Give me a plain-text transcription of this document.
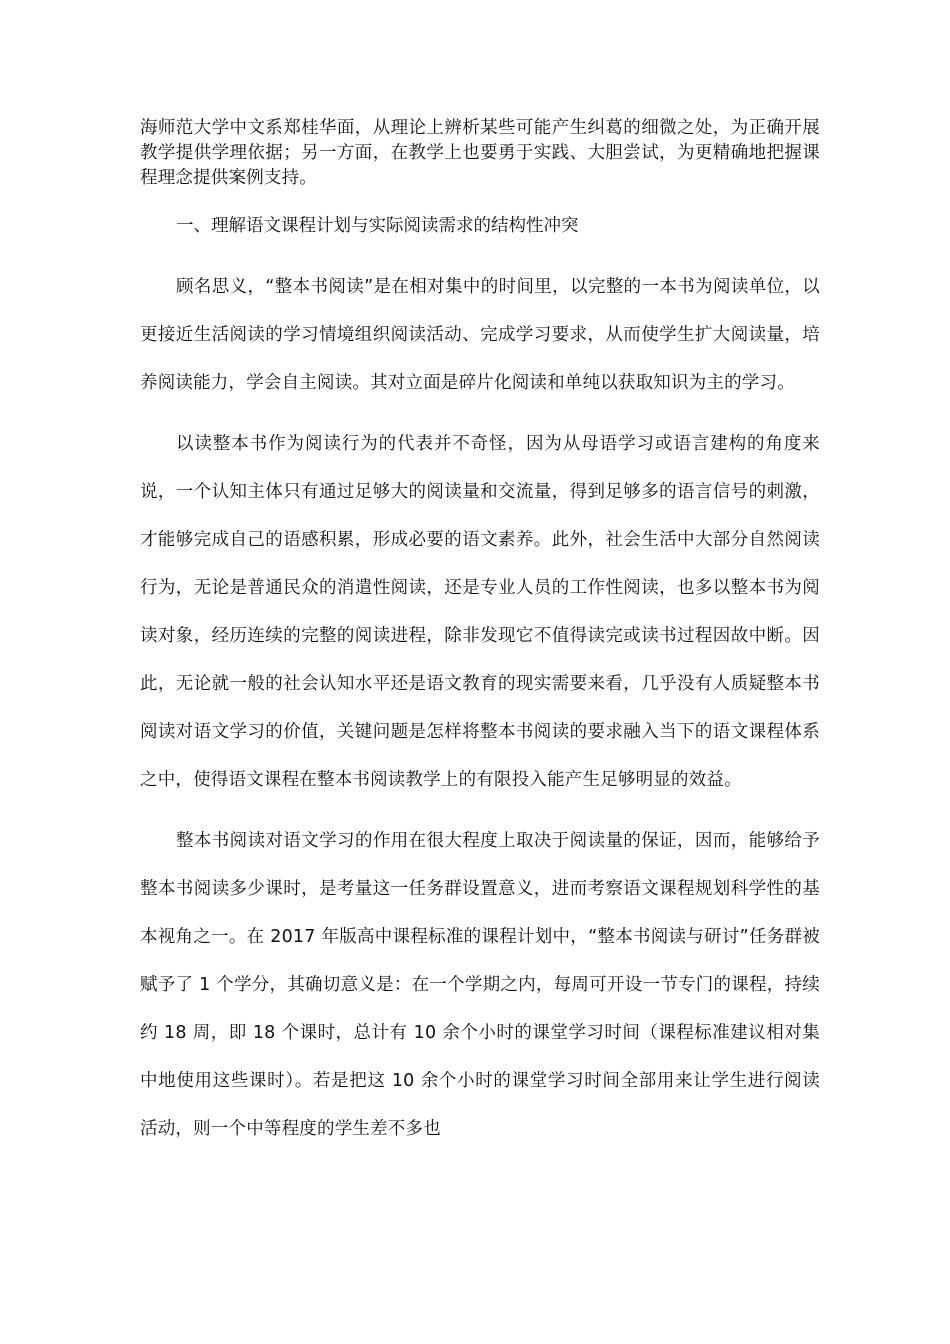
海师范大学中文系郑桂华面，从理论上辨析某些可能产生纠葛的细微之处，为正确开展教学提供学理依据；另一方面，在教学上也要勇于实践、大胆尝试，为更精确地把握课程理念提供案例支持。

一、理解语文课程计划与实际阅读需求的结构性冲突

顾名思义，“整本书阅读”是在相对集中的时间里，以完整的一本书为阅读单位，以更接近生活阅读的学习情境组织阅读活动、完成学习要求，从而使学生扩大阅读量，培养阅读能力，学会自主阅读。其对立面是碎片化阅读和单纯以获取知识为主的学习。

以读整本书作为阅读行为的代表并不奇怪，因为从母语学习或语言建构的角度来说，一个认知主体只有通过足够大的阅读量和交流量，得到足够多的语言信号的刺激，才能够完成自己的语感积累，形成必要的语文素养。此外，社会生活中大部分自然阅读行为，无论是普通民众的消遣性阅读，还是专业人员的工作性阅读，也多以整本书为阅读对象，经历连续的完整的阅读进程，除非发现它不值得读完或读书过程因故中断。因此，无论就一般的社会认知水平还是语文教育的现实需要来看，几乎没有人质疑整本书阅读对语文学习的价值，关键问题是怎样将整本书阅读的要求融入当下的语文课程体系之中，使得语文课程在整本书阅读教学上的有限投入能产生足够明显的效益。

整本书阅读对语文学习的作用在很大程度上取决于阅读量的保证，因而，能够给予整本书阅读多少课时，是考量这一任务群设置意义，进而考察语文课程规划科学性的基本视角之一。在 2017 年版高中课程标准的课程计划中，“整本书阅读与研讨”任务群被赋予了 1 个学分，其确切意义是：在一个学期之内，每周可开设一节专门的课程，持续约 18 周，即 18 个课时，总计有 10 余个小时的课堂学习时间（课程标准建议相对集中地使用这些课时）。若是把这 10 余个小时的课堂学习时间全部用来让学生进行阅读活动，则一个中等程度的学生差不多也
